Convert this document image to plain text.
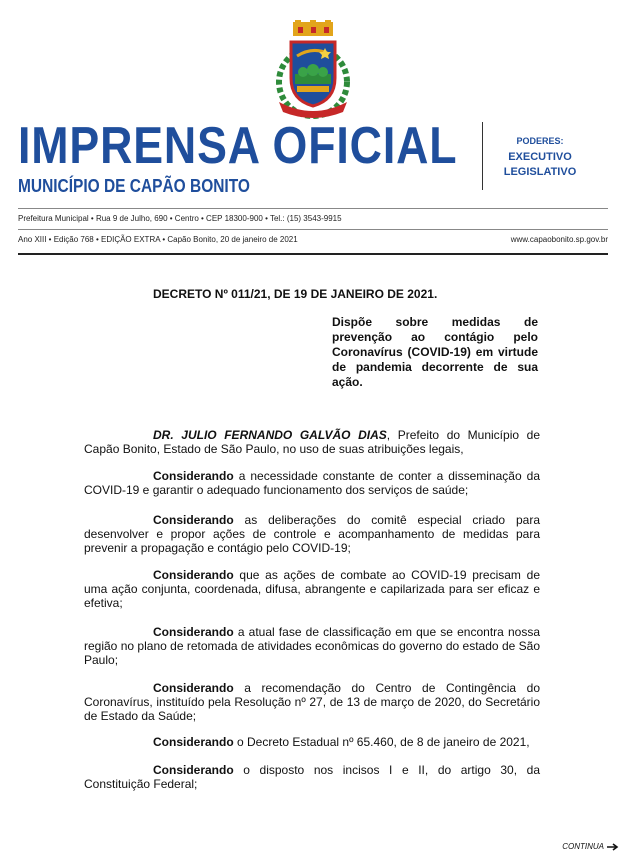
IMPRENSA OFICIAL
MUNICÍPIO DE CAPÃO BONITO
PODERES:
EXECUTIVO
LEGISLATIVO
Prefeitura Municipal • Rua 9 de Julho, 690 • Centro • CEP 18300-900 • Tel.: (15) 3543-9915
Ano XIII • Edição 768 • EDIÇÃO EXTRA • Capão Bonito, 20 de janeiro de 2021	www.capaobonito.sp.gov.br
DECRETO Nº 011/21, DE 19 DE JANEIRO DE 2021.
Dispõe sobre medidas de prevenção ao contágio pelo Coronavírus (COVID-19) em virtude de pandemia decorrente de sua ação.
DR. JULIO FERNANDO GALVÃO DIAS, Prefeito do Município de Capão Bonito, Estado de São Paulo, no uso de suas atribuições legais,
Considerando a necessidade constante de conter a disseminação da COVID-19 e garantir o adequado funcionamento dos serviços de saúde;
Considerando as deliberações do comitê especial criado para desenvolver e propor ações de controle e acompanhamento de medidas para prevenir a propagação e contágio pelo COVID-19;
Considerando que as ações de combate ao COVID-19 precisam de uma ação conjunta, coordenada, difusa, abrangente e capilarizada para ser eficaz e efetiva;
Considerando a atual fase de classificação em que se encontra nossa região no plano de retomada de atividades econômicas do governo do estado de São Paulo;
Considerando a recomendação do Centro de Contingência do Coronavírus, instituído pela Resolução nº 27, de 13 de março de 2020, do Secretário de Estado da Saúde;
Considerando o Decreto Estadual nº 65.460, de 8 de janeiro de 2021,
Considerando o disposto nos incisos I e II, do artigo 30, da Constituição Federal;
CONTINUA
